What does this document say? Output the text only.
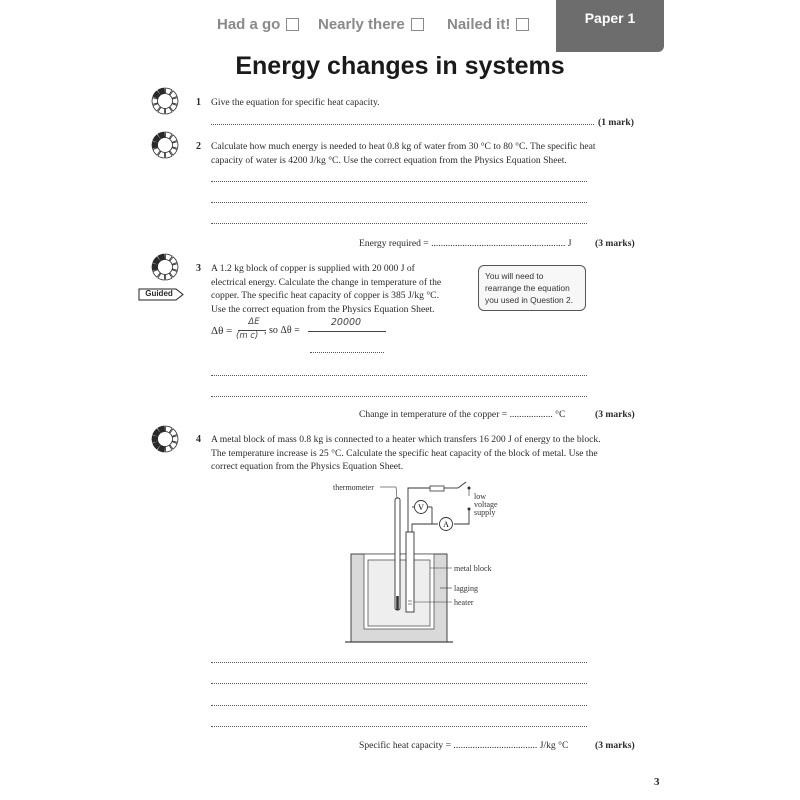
Had a go	Nearly there	Nailed it!	Paper 1
Energy changes in systems
Guided
1 Give the equation for specific heat capacity.
(1 mark)
2 Calculate how much energy is needed to heat 0.8 kg of water from 30 °C to 80 °C. The specific heat
capacity of water is 4200 J/kg °C. Use the correct equation from the Physics Equation Sheet.
Energy required = ........................................................ J (3 marks)
3 A 1.2 kg block of copper is supplied with 20 000 J of
electrical energy. Calculate the change in temperature of the
copper. The specific heat capacity of copper is 385 J/kg °C.
Use the correct equation from the Physics Equation Sheet.
You will need to
rearrange the equation
you used in Question 2.
Δθ =
ΔE
(m c) , so Δθ =
20000
Change in temperature of the copper = .................. °C	(3 marks)
4 A metal block of mass 0.8 kg is connected to a heater which transfers 16 200 J of energy to the block.
The temperature increase is 25 °C. Calculate the specific heat capacity of the block of metal. Use the
correct equation from the Physics Equation Sheet.
V
A
thermometer
low
voltage
supply
metal block
lagging
heater
Specific heat capacity = ................................... J/kg °C	(3 marks)
3
